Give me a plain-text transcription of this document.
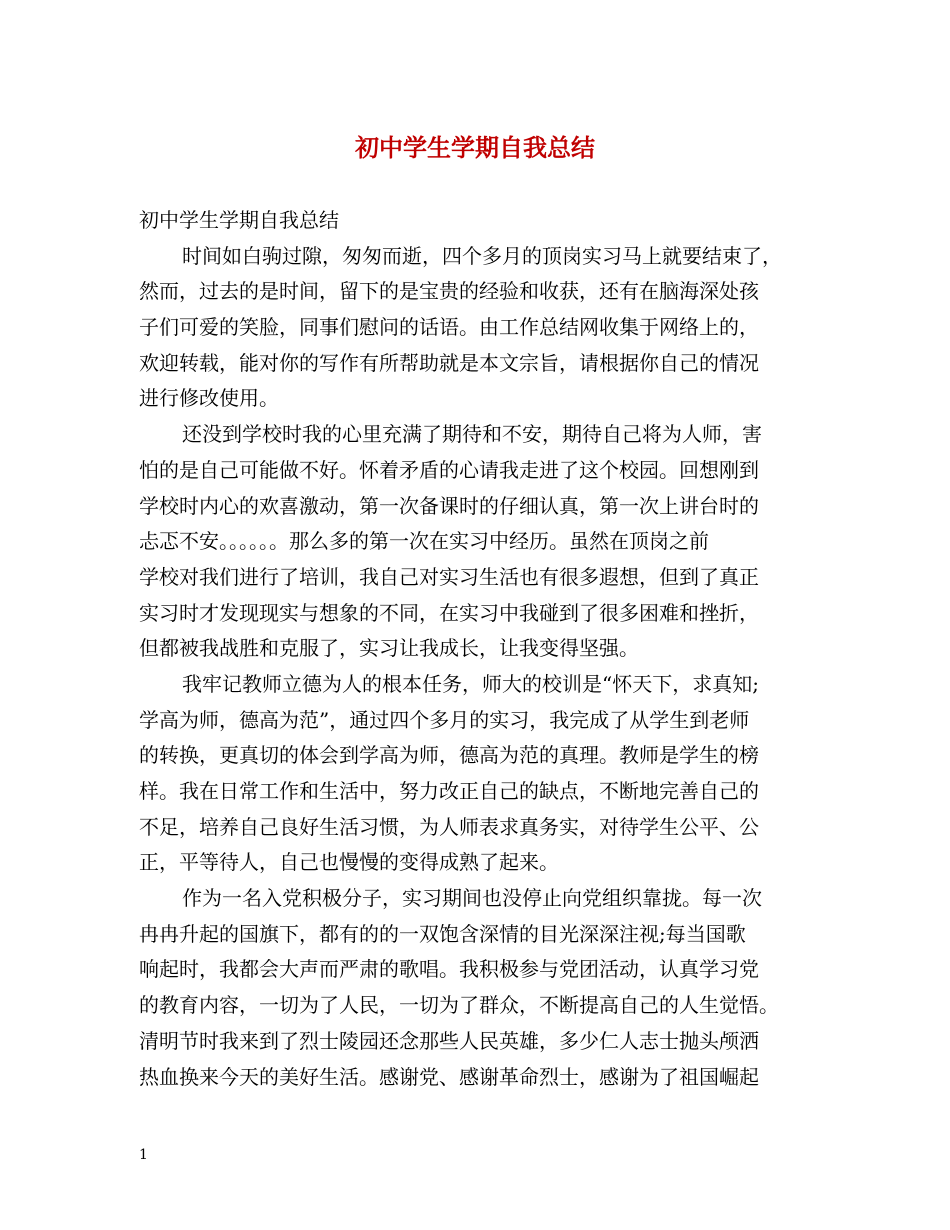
初中学生学期自我总结
初中学生学期自我总结
时间如白驹过隙，匆匆而逝，四个多月的顶岗实习马上就要结束了，
然而，过去的是时间，留下的是宝贵的经验和收获，还有在脑海深处孩
子们可爱的笑脸，同事们慰问的话语。由工作总结网收集于网络上的，
欢迎转载，能对你的写作有所帮助就是本文宗旨，请根据你自己的情况
进行修改使用。
还没到学校时我的心里充满了期待和不安，期待自己将为人师，害
怕的是自己可能做不好。怀着矛盾的心请我走进了这个校园。回想刚到
学校时内心的欢喜激动，第一次备课时的仔细认真，第一次上讲台时的
忐忑不安。。。。。。那么多的第一次在实习中经历。虽然在顶岗之前
学校对我们进行了培训，我自己对实习生活也有很多遐想，但到了真正
实习时才发现现实与想象的不同，在实习中我碰到了很多困难和挫折，
但都被我战胜和克服了，实习让我成长，让我变得坚强。
我牢记教师立德为人的根本任务，师大的校训是“怀天下，求真知;
学高为师，德高为范”，通过四个多月的实习，我完成了从学生到老师
的转换，更真切的体会到学高为师，德高为范的真理。教师是学生的榜
样。我在日常工作和生活中，努力改正自己的缺点，不断地完善自己的
不足，培养自己良好生活习惯，为人师表求真务实，对待学生公平、公
正，平等待人，自己也慢慢的变得成熟了起来。
作为一名入党积极分子，实习期间也没停止向党组织靠拢。每一次
冉冉升起的国旗下，都有的的一双饱含深情的目光深深注视;每当国歌
响起时，我都会大声而严肃的歌唱。我积极参与党团活动，认真学习党
的教育内容，一切为了人民，一切为了群众，不断提高自己的人生觉悟。
清明节时我来到了烈士陵园还念那些人民英雄，多少仁人志士抛头颅洒
热血换来今天的美好生活。感谢党、感谢革命烈士，感谢为了祖国崛起
1
